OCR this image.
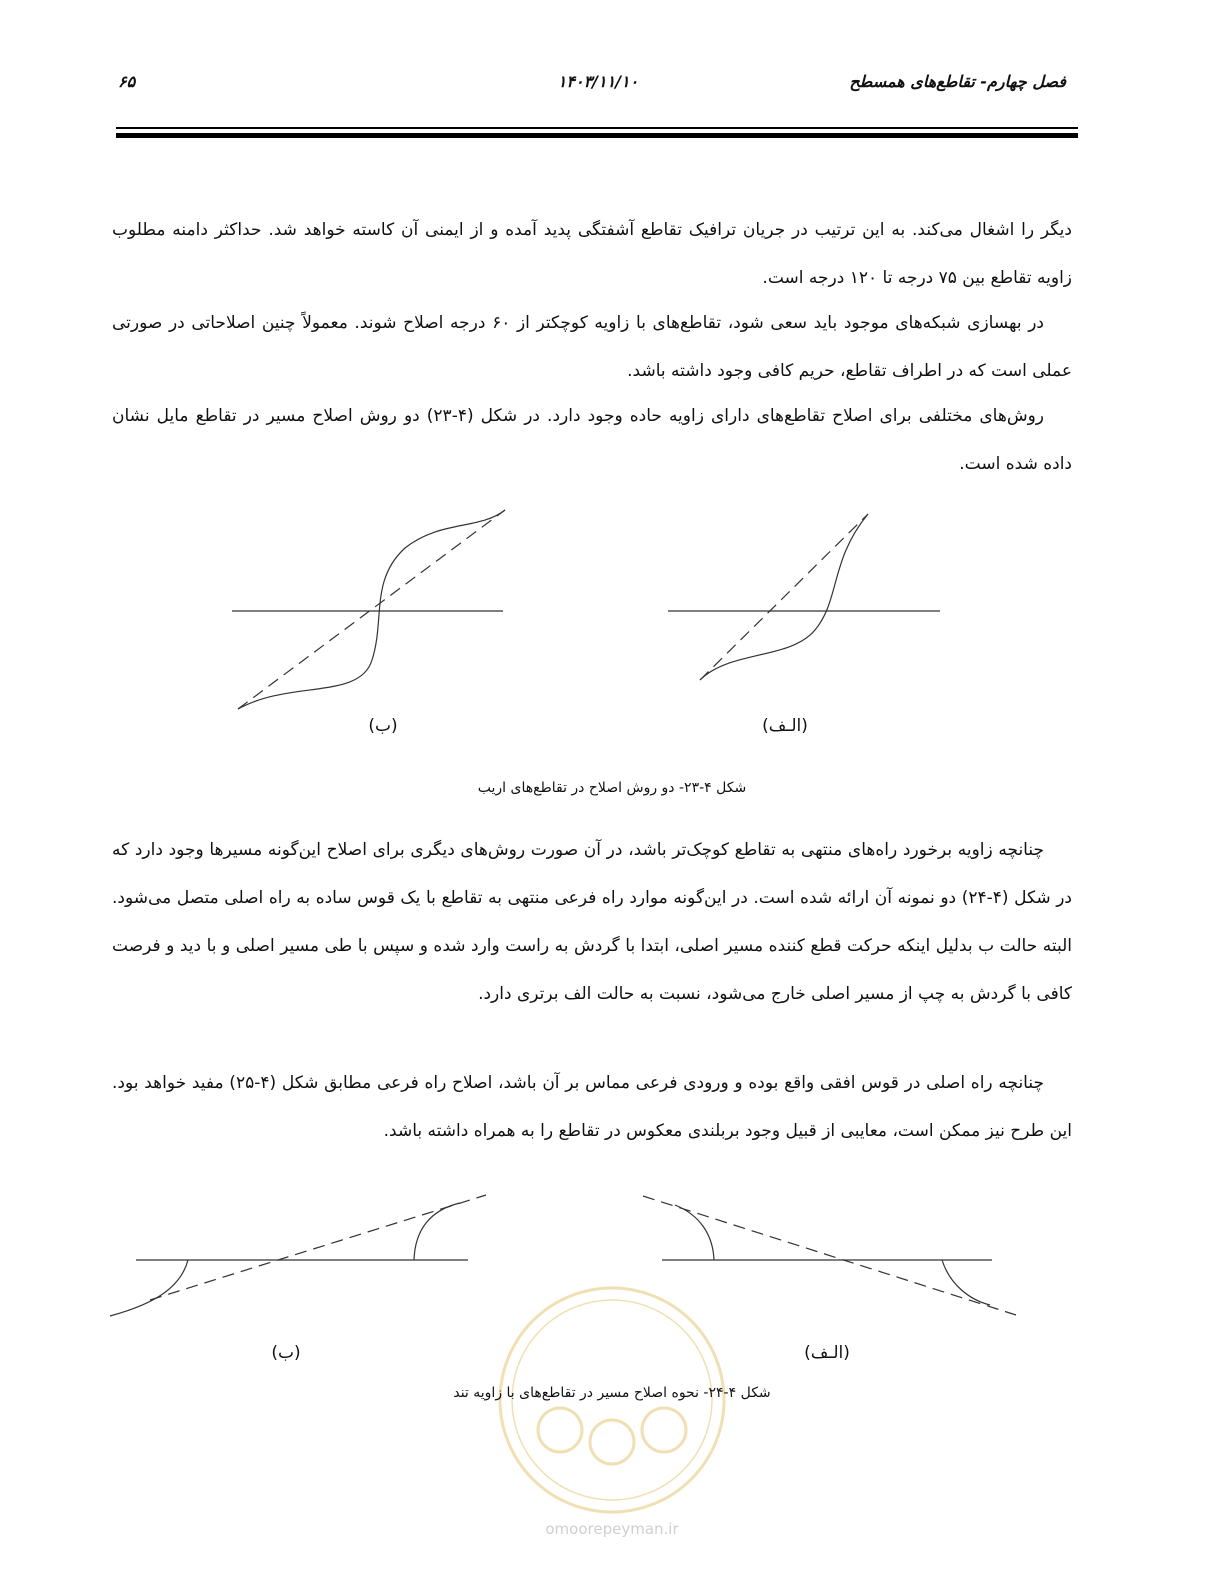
فصل چهارم- تقاطع‌های همسطح
۱۴۰۳/۱۱/۱۰
۶۵
دیگر را اشغال می‌کند. به این ترتیب در جریان ترافیک تقاطع آشفتگی پدید آمده و از ایمنی آن کاسته خواهد شد. حداکثر دامنه مطلوب زاویه تقاطع بین ۷۵ درجه تا ۱۲۰ درجه است.
در بهسازی شبکه‌های موجود باید سعی شود، تقاطع‌های با زاویه کوچکتر از ۶۰ درجه اصلاح شوند. معمولاً چنین اصلاحاتی در صورتی عملی است که در اطراف تقاطع، حریم کافی وجود داشته باشد.
روش‌های مختلفی برای اصلاح تقاطع‌های دارای زاویه حاده وجود دارد. در شکل (۴-۲۳) دو روش اصلاح مسیر در تقاطع مایل نشان داده شده است.
(ب)	(الـف)
شکل ۴-۲۳- دو روش اصلاح در تقاطع‌های اریب
چنانچه زاویه برخورد راه‌های منتهی به تقاطع کوچک‌تر باشد، در آن صورت روش‌های دیگری برای اصلاح این‌گونه مسیر‌ها وجود دارد که در شکل (۴-۲۴) دو نمونه آن ارائه شده است. در این‌گونه موارد راه فرعی منتهی به تقاطع با یک قوس ساده به راه اصلی متصل می‌شود. البته حالت ب بدلیل اینکه حرکت قطع کننده مسیر اصلی، ابتدا با گردش به راست وارد شده و سپس با طی مسیر اصلی و با دید و فرصت کافی با گردش به چپ از مسیر اصلی خارج می‌شود، نسبت به حالت الف برتری دارد.
چنانچه راه اصلی در قوس افقی واقع بوده و ورودی فرعی مماس بر آن باشد، اصلاح راه فرعی مطابق شکل (۴-۲۵) مفید خواهد بود. این طرح نیز ممکن است، معایبی از قبیل وجود بربلندی معکوس در تقاطع را به همراه داشته باشد.
(ب)	(الـف)
شکل ۴-۲۴- نحوه اصلاح مسیر در تقاطع‌های با زاویه تند
omoorepeyman.ir
